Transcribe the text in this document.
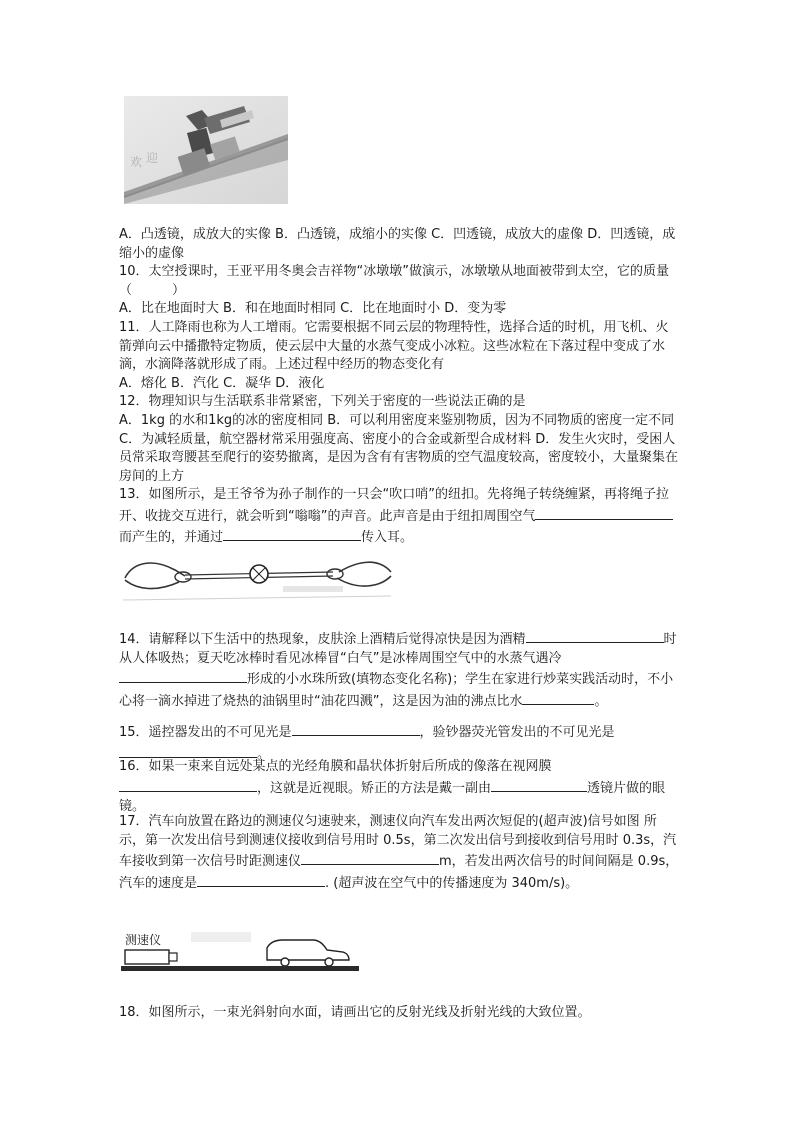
欢 迎

A．凸透镜，成放大的实像 B．凸透镜，成缩小的实像 C．凹透镜，成放大的虚像 D．凹透镜，成缩小的虚像

10．太空授课时，王亚平用冬奥会吉祥物“冰墩墩”做演示，冰墩墩从地面被带到太空，它的质量（	）

A．比在地面时大 B．和在地面时相同 C．比在地面时小 D．变为零

11．人工降雨也称为人工增雨。它需要根据不同云层的物理特性，选择合适的时机，用飞机、火箭弹向云中播撒特定物质，使云层中大量的水蒸气变成小冰粒。这些冰粒在下落过程中变成了水滴，水滴降落就形成了雨。上述过程中经历的物态变化有

A．熔化 B．汽化 C．凝华 D．液化

12．物理知识与生活联系非常紧密，下列关于密度的一些说法正确的是

A．1kg 的水和1kg的冰的密度相同 B．可以利用密度来鉴别物质，因为不同物质的密度一定不同 C．为减轻质量，航空器材常采用强度高、密度小的合金或新型合成材料 D．发生火灾时，受困人员常采取弯腰甚至爬行的姿势撤离，是因为含有有害物质的空气温度较高，密度较小，大量聚集在房间的上方

13．如图所示，是王爷爷为孙子制作的一只会“吹口哨”的纽扣。先将绳子转绕缠紧，再将绳子拉开、收拢交互进行，就会听到“嗡嗡”的声音。此声音是由于纽扣周围空气而产生的，并通过	传入耳。

14．请解释以下生活中的热现象，皮肤涂上酒精后觉得凉快是因为酒精	时从人体吸热；夏天吃冰棒时看见冰棒冒“白气”是冰棒周围空气中的水蒸气遇冷形成的小水珠所致(填物态变化名称)；学生在家进行炒菜实践活动时，不小心将一滴水掉进了烧热的油锅里时“油花四溅”，这是因为油的沸点比水	。

15．遥控器发出的不可见光是	，验钞器荧光管发出的不可见光是。

16．如果一束来自远处某点的光经角膜和晶状体折射后所成的像落在视网膜，这就是近视眼。矫正的方法是戴一副由	透镜片做的眼镜。

17．汽车向放置在路边的测速仪匀速驶来，测速仪向汽车发出两次短促的(超声波)信号如图 所示，第一次发出信号到测速仪接收到信号用时 0.5s，第二次发出信号到接收到信号用时 0.3s，汽车接收到第一次信号时距测速仪	m，若发出两次信号的时间间隔是 0.9s， 汽车的速度是	. (超声波在空气中的传播速度为 340m/s)。

测速仪

18．如图所示，一束光斜射向水面，请画出它的反射光线及折射光线的大致位置。
